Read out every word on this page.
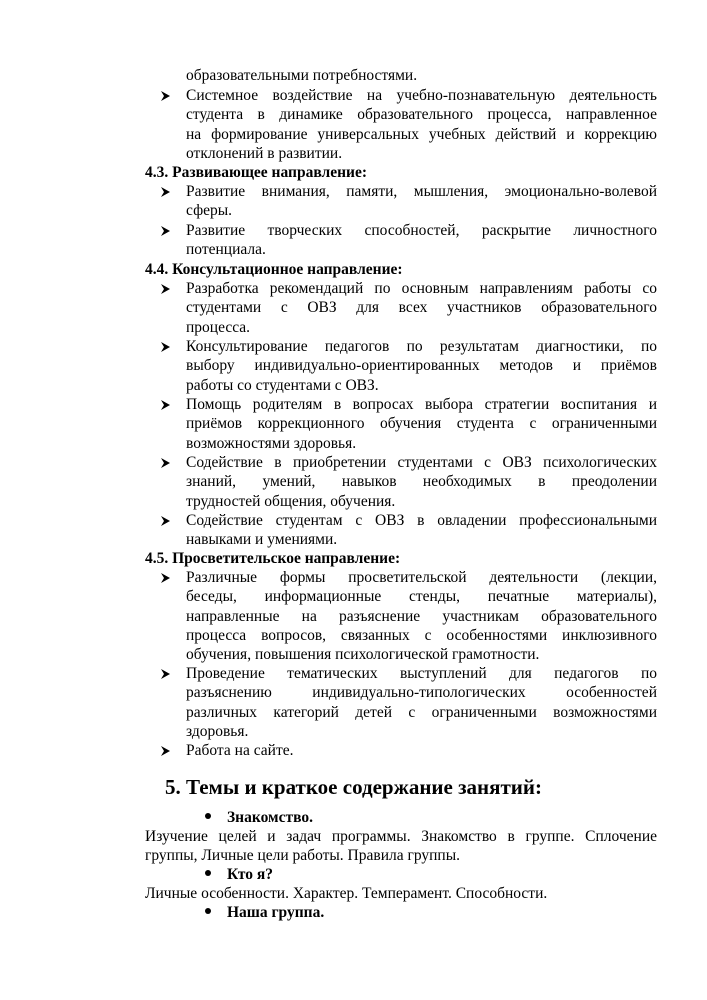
образовательными потребностями.

Системное воздействие на учебно-познавательную деятельность

студента в динамике образовательного процесса, направленное

на формирование универсальных учебных действий и коррекцию

отклонений в развитии.

4.3. Развивающее направление:

Развитие внимания, памяти, мышления, эмоционально-волевой

сферы.

Развитие творческих способностей, раскрытие личностного

потенциала.

4.4. Консультационное направление:

Разработка рекомендаций по основным направлениям работы со

студентами с ОВЗ для всех участников образовательного

процесса.

Консультирование педагогов по результатам диагностики, по

выбору индивидуально-ориентированных методов и приёмов

работы со студентами с ОВЗ.

Помощь родителям в вопросах выбора стратегии воспитания и

приёмов коррекционного обучения студента с ограниченными

возможностями здоровья.

Содействие в приобретении студентами с ОВЗ психологических

знаний, умений, навыков необходимых в преодолении

трудностей общения, обучения.

Содействие студентам с ОВЗ в овладении профессиональными

навыками и умениями.

4.5. Просветительское направление:

Различные формы просветительской деятельности (лекции,

беседы, информационные стенды, печатные материалы),

направленные на разъяснение участникам образовательного

процесса вопросов, связанных с особенностями инклюзивного

обучения, повышения психологической грамотности.

Проведение тематических выступлений для педагогов по

разъяснению индивидуально-типологических особенностей

различных категорий детей с ограниченными возможностями

здоровья.

Работа на сайте.

5. Темы и краткое содержание занятий:

Знакомство.

Изучение целей и задач программы. Знакомство в группе. Сплочение

группы, Личные цели работы. Правила группы.

Кто я?

Личные особенности. Характер. Темперамент. Способности.

Наша группа.
